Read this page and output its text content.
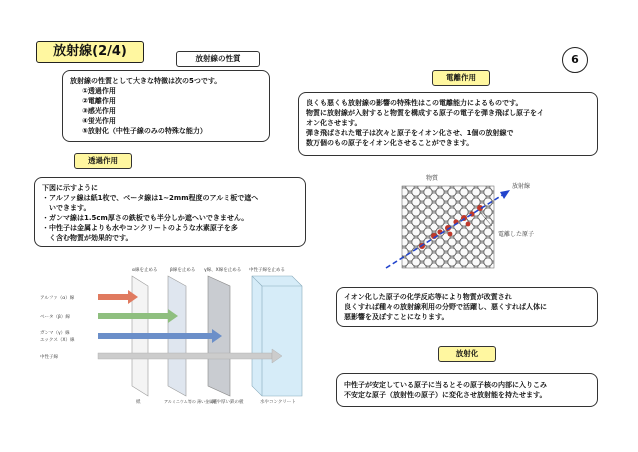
放射線(2/4)	放射線の性質	6
放射線の性質として大きな特徴は次の5つです。
①透過作用
②電離作用
③感光作用
④蛍光作用
⑤放射化（中性子線のみの特殊な能力）
透過作用
下図に示すように
・アルファ線は紙1枚で、ベータ線は1~2mm程度のアルミ板で遮へ
　いできます。
・ガンマ線は1.5cm厚さの鉄板でも半分しか遮へいできません。
・中性子は金属よりも水やコンクリートのような水素原子を多
　く含む物質が効果的です。
α線を止める	β線を止める γ線、X線を止める 中性子線を止める
アルファ（α）線
ベータ（β）線
ガンマ（γ）線
エックス（X）線
中性子線
紙	アルミニウム等の 薄い金属板
鉛や厚い鉄の板	水やコンクリート
電離作用
良くも悪くも放射線の影響の特殊性はこの電離能力によるものです。
物質に放射線が入射すると物質を構成する原子の電子を弾き飛ばし原子をイ
オン化させます。
弾き飛ばされた電子は次々と原子をイオン化させ、1個の放射線で
数万個のもの原子をイオン化させることができます。
物質
放射線
電離した原子
イオン化した原子の化学反応等により物質が改質され
良くすれば種々の放射線利用の分野で活躍し、悪くすれば人体に
悪影響を及ぼすことになります。
放射化
中性子が安定している原子に当るとその原子核の内部に入りこみ
不安定な原子（放射性の原子）に変化させ放射能を持たせます。
